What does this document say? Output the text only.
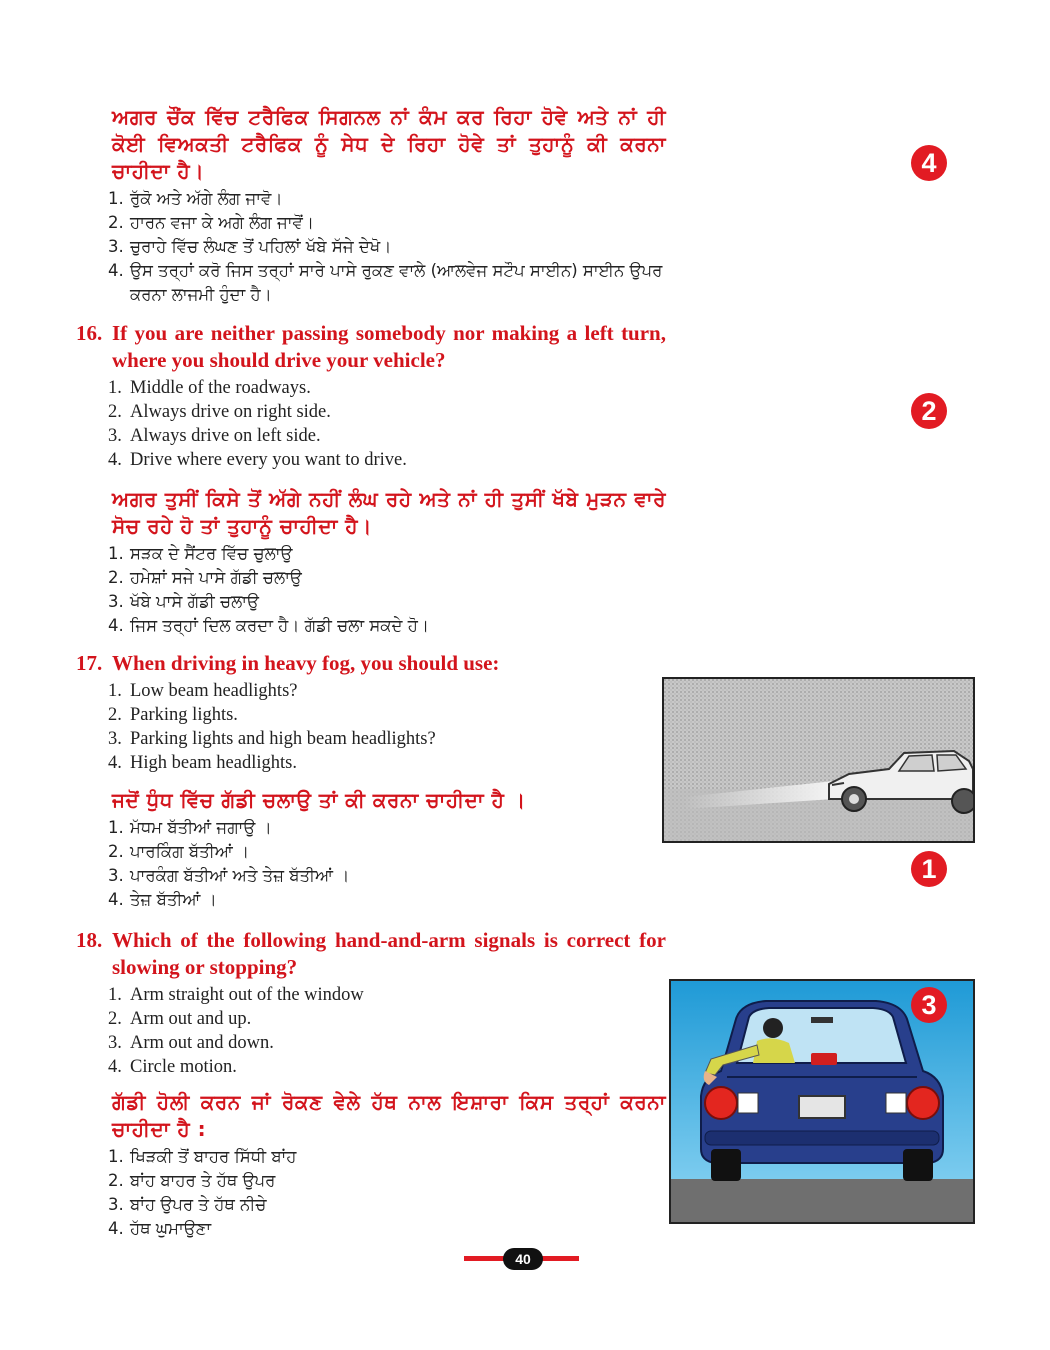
ਅਗਰ ਚੌਂਕ ਵਿੱਚ ਟਰੈਫਿਕ ਸਿਗਨਲ ਨਾਂ ਕੰਮ ਕਰ ਰਿਹਾ ਹੋਵੇ ਅਤੇ ਨਾਂ ਹੀ ਕੋਈ ਵਿਅਕਤੀ ਟਰੈਫਿਕ ਨੂੰ ਸੇਧ ਦੇ ਰਿਹਾ ਹੋਵੇ ਤਾਂ ਤੁਹਾਨੂੰ ਕੀ ਕਰਨਾ ਚਾਹੀਦਾ ਹੈ।
1. ਰੁੱਕੋ ਅਤੇ ਅੱਗੇ ਲੰਗ ਜਾਵੋ।
2. ਹਾਰਨ ਵਜਾ ਕੇ ਅਗੇ ਲੰਗ ਜਾਵੋਂ।
3. ਚੁਰਾਹੇ ਵਿੱਚ ਲੰਘਣ ਤੋਂ ਪਹਿਲਾਂ ਖੱਬੇ ਸੱਜੇ ਦੇਖੋ।
4. ਉਸ ਤਰ੍ਹਾਂ ਕਰੋ ਜਿਸ ਤਰ੍ਹਾਂ ਸਾਰੇ ਪਾਸੇ ਰੁਕਣ ਵਾਲੇ (ਆਲਵੇਜ ਸਟੌਪ ਸਾਈਨ) ਸਾਈਨ ਉਪਰ ਕਰਨਾ ਲਾਜਮੀ ਹੁੰਦਾ ਹੈ।
4
16. If you are neither passing somebody nor making a left turn, where you should drive your vehicle?
1. Middle of the roadways.
2. Always drive on right side.
3. Always drive on left side.
4. Drive where every you want to drive.
ਅਗਰ ਤੁਸੀਂ ਕਿਸੇ ਤੋਂ ਅੱਗੇ ਨਹੀਂ ਲੰਘ ਰਹੇ ਅਤੇ ਨਾਂ ਹੀ ਤੁਸੀਂ ਖੱਬੇ ਮੁੜਨ ਵਾਰੇ ਸੋਚ ਰਹੇ ਹੋ ਤਾਂ ਤੁਹਾਨੂੰ ਚਾਹੀਦਾ ਹੈ।
1. ਸੜਕ ਦੇ ਸੈਂਟਰ ਵਿੱਚ ਚੁਲਾਉ
2. ਹਮੇਸ਼ਾਂ ਸਜੇ ਪਾਸੇ ਗੱਡੀ ਚਲਾਉ
3. ਖੱਬੇ ਪਾਸੇ ਗੱਡੀ ਚਲਾਉ
4. ਜਿਸ ਤਰ੍ਹਾਂ ਦਿਲ ਕਰਦਾ ਹੈ। ਗੱਡੀ ਚਲਾ ਸਕਦੇ ਹੋ।
2
17. When driving in heavy fog, you should use:
1. Low beam headlights?
2. Parking lights.
3. Parking lights and high beam headlights?
4. High beam headlights.
ਜਦੋਂ ਧੁੰਧ ਵਿੱਚ ਗੱਡੀ ਚਲਾਉ ਤਾਂ ਕੀ ਕਰਨਾ ਚਾਹੀਦਾ ਹੈ ।
1. ਮੱਧਮ ਬੱਤੀਆਂ ਜਗਾਉ ।
2. ਪਾਰਕਿੰਗ ਬੱਤੀਆਂ ।
3. ਪਾਰਕੰਗ ਬੱਤੀਆਂ ਅਤੇ ਤੇਜ਼ ਬੱਤੀਆਂ ।
4. ਤੇਜ਼ ਬੱਤੀਆਂ ।
1
18. Which of the following hand-and-arm signals is correct for slowing or stopping?
1. Arm straight out of the window
2. Arm out and up.
3. Arm out and down.
4. Circle motion.
ਗੱਡੀ ਹੋਲੀ ਕਰਨ ਜਾਂ ਰੋਕਣ ਵੇਲੇ ਹੱਥ ਨਾਲ ਇਸ਼ਾਰਾ ਕਿਸ ਤਰ੍ਹਾਂ ਕਰਨਾ ਚਾਹੀਦਾ ਹੈ :
1. ਖਿੜਕੀ ਤੋਂ ਬਾਹਰ ਸਿੱਧੀ ਬਾਂਹ
2. ਬਾਂਹ ਬਾਹਰ ਤੇ ਹੱਥ ਉਪਰ
3. ਬਾਂਹ ਉਪਰ ਤੇ ਹੱਥ ਨੀਚੇ
4. ਹੱਥ ਘੁਮਾਉਣਾ
3
40
